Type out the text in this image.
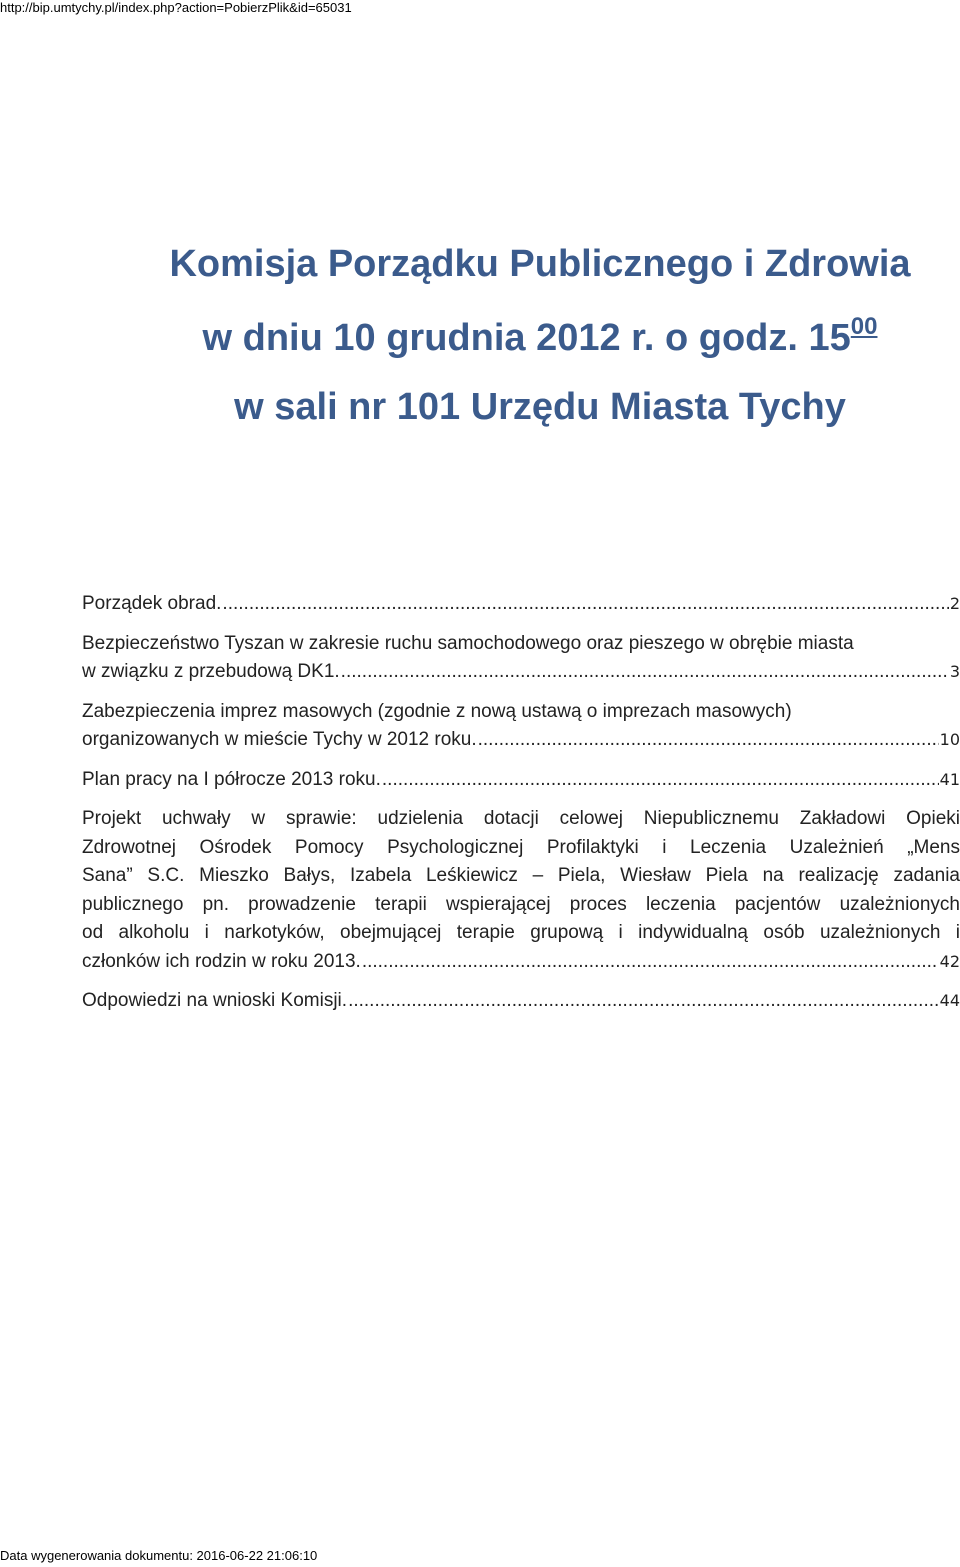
http://bip.umtychy.pl/index.php?action=PobierzPlik&id=65031
Komisja Porządku Publicznego i Zdrowia
w dniu 10 grudnia 2012 r. o godz. $15^{00}$
w sali nr 101 Urzędu Miasta Tychy
Porządek obrad. .....	2
Bezpieczeństwo Tyszan w zakresie ruchu samochodowego oraz pieszego w obrębie miasta
w związku z przebudową DK1. .....	3
Zabezpieczenia imprez masowych (zgodnie z nową ustawą o imprezach masowych)
organizowanych w mieście Tychy w 2012 roku. .....	10
Plan pracy na I półrocze 2013 roku. .....	41
Projekt uchwały w sprawie: udzielenia dotacji celowej Niepublicznemu Zakładowi Opieki
Zdrowotnej Ośrodek Pomocy Psychologicznej Profilaktyki i Leczenia Uzależnień „Mens
Sana” S.C. Mieszko Bałys, Izabela Leśkiewicz – Piela, Wiesław Piela na realizację zadania
publicznego pn. prowadzenie terapii wspierającej proces leczenia pacjentów uzależnionych
od alkoholu i narkotyków, obejmującej terapie grupową i indywidualną osób uzależnionych i
członków ich rodzin w roku 2013. .....	42
Odpowiedzi na wnioski Komisji. .....	44
Data wygenerowania dokumentu: 2016-06-22 21:06:10
